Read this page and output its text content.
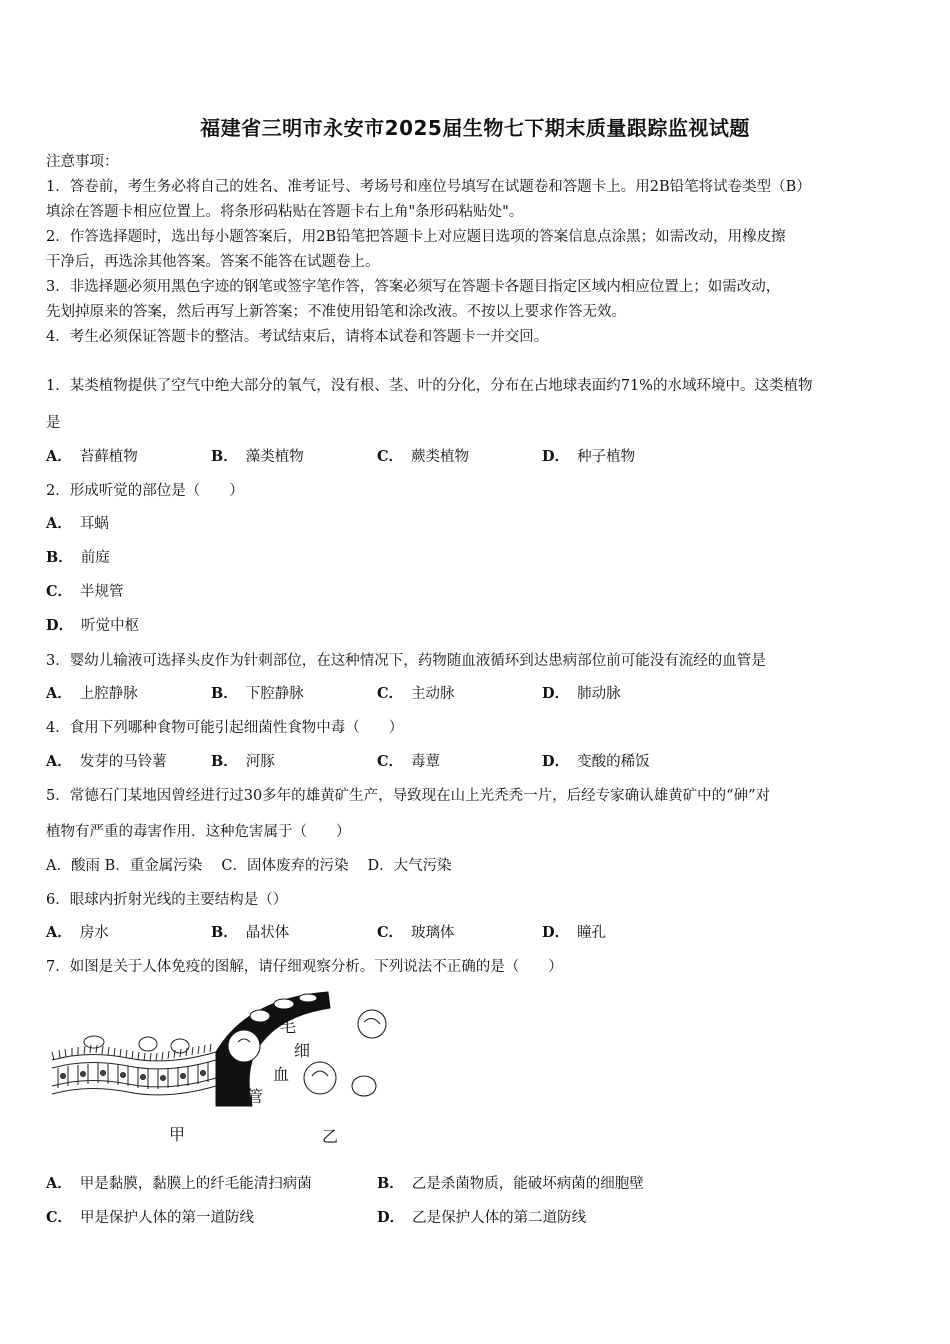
福建省三明市永安市2025届生物七下期末质量跟踪监视试题
注意事项：
1．答卷前，考生务必将自己的姓名、准考证号、考场号和座位号填写在试题卷和答题卡上。用2B铅笔将试卷类型（B）
填涂在答题卡相应位置上。将条形码粘贴在答题卡右上角"条形码粘贴处"。
2．作答选择题时，选出每小题答案后，用2B铅笔把答题卡上对应题目选项的答案信息点涂黑；如需改动，用橡皮擦
干净后，再选涂其他答案。答案不能答在试题卷上。
3．非选择题必须用黑色字迹的钢笔或签字笔作答，答案必须写在答题卡各题目指定区域内相应位置上；如需改动，
先划掉原来的答案，然后再写上新答案；不准使用铅笔和涂改液。不按以上要求作答无效。
4．考生必须保证答题卡的整洁。考试结束后，请将本试卷和答题卡一并交回。
1．某类植物提供了空气中绝大部分的氧气，没有根、茎、叶的分化，分布在占地球表面约71%的水域环境中。这类植物
是
A． 苔藓植物	B． 藻类植物	C． 蕨类植物	D． 种子植物
2．形成听觉的部位是（　　）
A． 耳蜗
B． 前庭
C． 半规管
D． 听觉中枢
3．婴幼儿输液可选择头皮作为针刺部位，在这种情况下，药物随血液循环到达患病部位前可能没有流经的血管是
A． 上腔静脉	B． 下腔静脉	C． 主动脉	D． 肺动脉
4．食用下列哪种食物可能引起细菌性食物中毒（　　）
A． 发芽的马铃薯	B． 河豚	C． 毒蕈	D． 变酸的稀饭
5．常德石门某地因曾经进行过30多年的雄黄矿生产，导致现在山上光秃秃一片，后经专家确认雄黄矿中的“砷”对
植物有严重的毒害作用．这种危害属于（　　）
A．酸雨 B．重金属污染　 C．固体废弃的污染　 D．大气污染
6．眼球内折射光线的主要结构是（）
A． 房水	B． 晶状体	C． 玻璃体	D． 瞳孔
7．如图是关于人体免疫的图解，请仔细观察分析。下列说法不正确的是（　　）
毛
细
血
管
甲	乙
A． 甲是黏膜，黏膜上的纤毛能清扫病菌	B． 乙是杀菌物质，能破坏病菌的细胞壁
C． 甲是保护人体的第一道防线	D． 乙是保护人体的第二道防线
